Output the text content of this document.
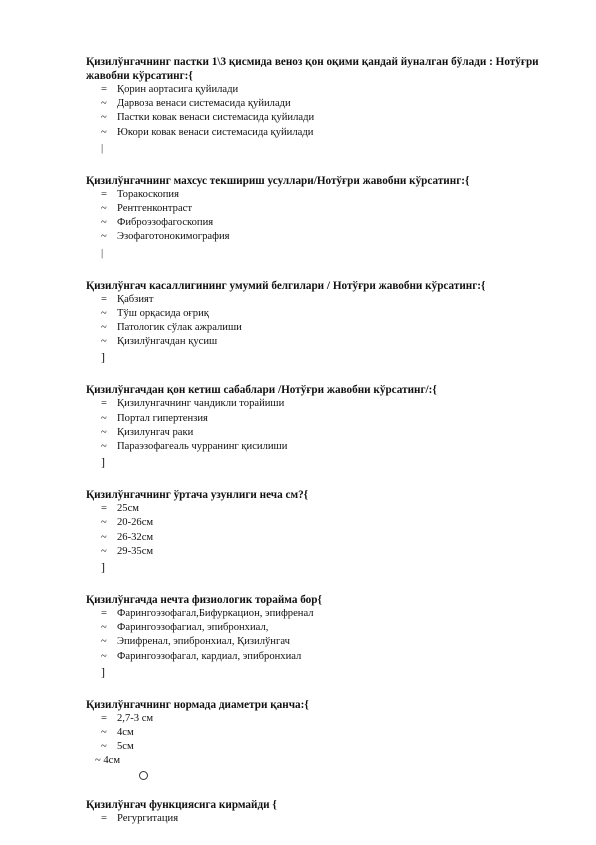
Қизилўнгачнинг пастки 1\3 қисмида веноз қон оқими қандай йуналган бўлади : Нотўғри жавобни кўрсатинг:{
= Қорин аортасига қуйилади
~ Дарвоза венаси системасида қуйилади
~ Пастки ковак венаси системасида қуйилади
~ Юкори ковак венаси системасида қуйилади
|
Қизилўнгачнинг махсус текшириш усуллари/Нотўғри жавобни кўрсатинг:{
= Торакоскопия
~ Рентгенконтраст
~ Фиброэзофагоскопия
~ Эзофаготонокимография
|
Қизилўнгач касаллигининг умумий белгилари / Нотўғри жавобни кўрсатинг:{
= Қабзият
~ Тўш орқасида оғриқ
~ Патологик сўлак ажралиши
~ Қизилўнгачдан қусиш
]
Қизилўнгачдан қон кетиш сабаблари /Нотўғри жавобни кўрсатинг/:{
= Қизилунгачнинг чандикли торайиши
~ Портал гипертензия
~ Қизилунгач раки
~ Параэзофагеаль чурранинг қисилиши
]
Қизилўнгачнинг ўртача узунлиги неча см?{
= 25см
~ 20-26см
~ 26-32см
~ 29-35см
]
Қизилўнгачда нечта физиологик торайма бор{
= Фарингоэзофагал,Бифуркацион, эпифренал
~ Фарингоэзофагиал, эпибронхиал,
~ Эпифренал, эпибронхиал, Қизилўнгач
~ Фарингоэзофагал, кардиал, эпибронхиал
]
Қизилўнгачнинг нормада диаметри қанча:{
= 2,7-3 см
~ 4см
~ 5см
~ 4см
Қизилўнгач функциясига кирмайди {
= Регургитация
